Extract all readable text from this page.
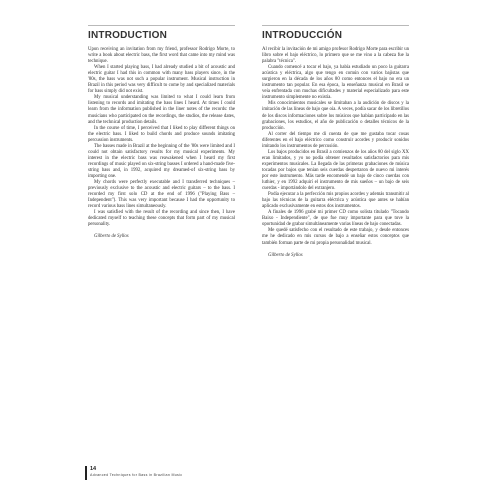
INTRODUCTION

Upon receiving an invitation from my friend, professor Rodrigo Morte, to write a book about electric bass, the first word that came into my mind was technique.

When I started playing bass, I had already studied a bit of acoustic and electric guitar I had this in common with many bass players since, in the '80s, the bass was not such a popular instrument. Musical instruction in Brazil in this period was very difficult to come by and specialized materials for bass simply did not exist.

My musical understanding was limited to what I could learn from listening to records and imitating the bass lines I heard. At times I could learn from the information published in the liner notes of the records: the musicians who participated on the recordings, the studios, the release dates, and the technical production details.

In the course of time, I perceived that I liked to play different things on the electric bass. I liked to build chords and produce sounds imitating percussion instruments.

The basses made in Brazil at the beginning of the '80s were limited and I could not obtain satisfactory results for my musical experiments. My interest in the electric bass was reawakened when I heard my first recordings of music played on six-string basses I ordered a hand-made five-string bass and, in 1992, acquired my dreamed-of six-string bass by importing one.

My chords were perfectly executable and I transferred techniques – previously exclusive to the acoustic and electric guitars – to the bass. I recorded my first solo CD at the end of 1996 ("Playing Bass – Independent"). This was very important because I had the opportunity to record various bass lines simultaneously.

I was satisfied with the result of the recording and since then, I have dedicated myself to teaching these concepts that form part of my musical personality.

Gilberto de Syllos
INTRODUCCIÓN

Al recibir la invitación de mi amigo profesor Rodrigo Morte para escribir un libro sobre el bajo eléctrico, lo primero que se me vino a la cabeza fue la palabra "técnica".

Cuando comencé a tocar el bajo, ya había estudiado un poco la guitarra acústica y eléctrica, algo que tengo en común con varios bajistas que surgieron en la década de los años 80 como entonces el bajo no era un instrumento tan popular. En esa época, la enseñanza musical en Brasil se veía enfrentada con muchas dificultades y material especializado para este instrumento simplemente no existía.

Mis conocimientos musicales se limitaban a la audición de discos y la imitación de las líneas de bajo que oía. A veces, podía sacar de los libretillos de los discos informaciones sobre los músicos que habían participado en las grabaciones, los estudios, el año de publicación o detalles técnicos de la producción.

Al correr del tiempo me di cuenta de que me gustaba tocar cosas diferentes en el bajo eléctrico como construir acordes y producir sonidos imitando los instrumentos de percusión.

Los bajos producidos en Brasil a comienzos de los años 80 del siglo XX eran limitados, y yo no podía obtener resultados satisfactorios para mis experimentos musicales. La llegada de las primeras grabaciones de música tocadas por bajos que tenían seis cuerdas despertaron de nuevo mi interés por este instrumento. Más tarde encomendé un bajo de cinco cuerdas con luthier, y en 1992 adquirí el instrumento de mis sueños – un bajo de seis cuerdas - importándolo del extranjero.

Podía ejecutar a la perfección mis propios acordes y además transmitir al bajo las técnicas de la guitarra eléctrica y acústica que antes se habían aplicado exclusivamente en estos dos instrumentos.

A finales de 1996 grabé mi primer CD como solista titulado "Tocando Baixo - Independiente", de que fue muy importante para que tuve la oportunidad de grabar simultáneamente varias líneas de bajo conectadas.

Me quedé satisfecho con el resultado de este trabajo, y desde entonces me he dedicado en mis cursos de bajo a enseñar estos conceptos que también forman parte de mi propia personalidad musical.

Gilberto de Syllos
14
Advanced Techniques for Bass in Brazilian Music
